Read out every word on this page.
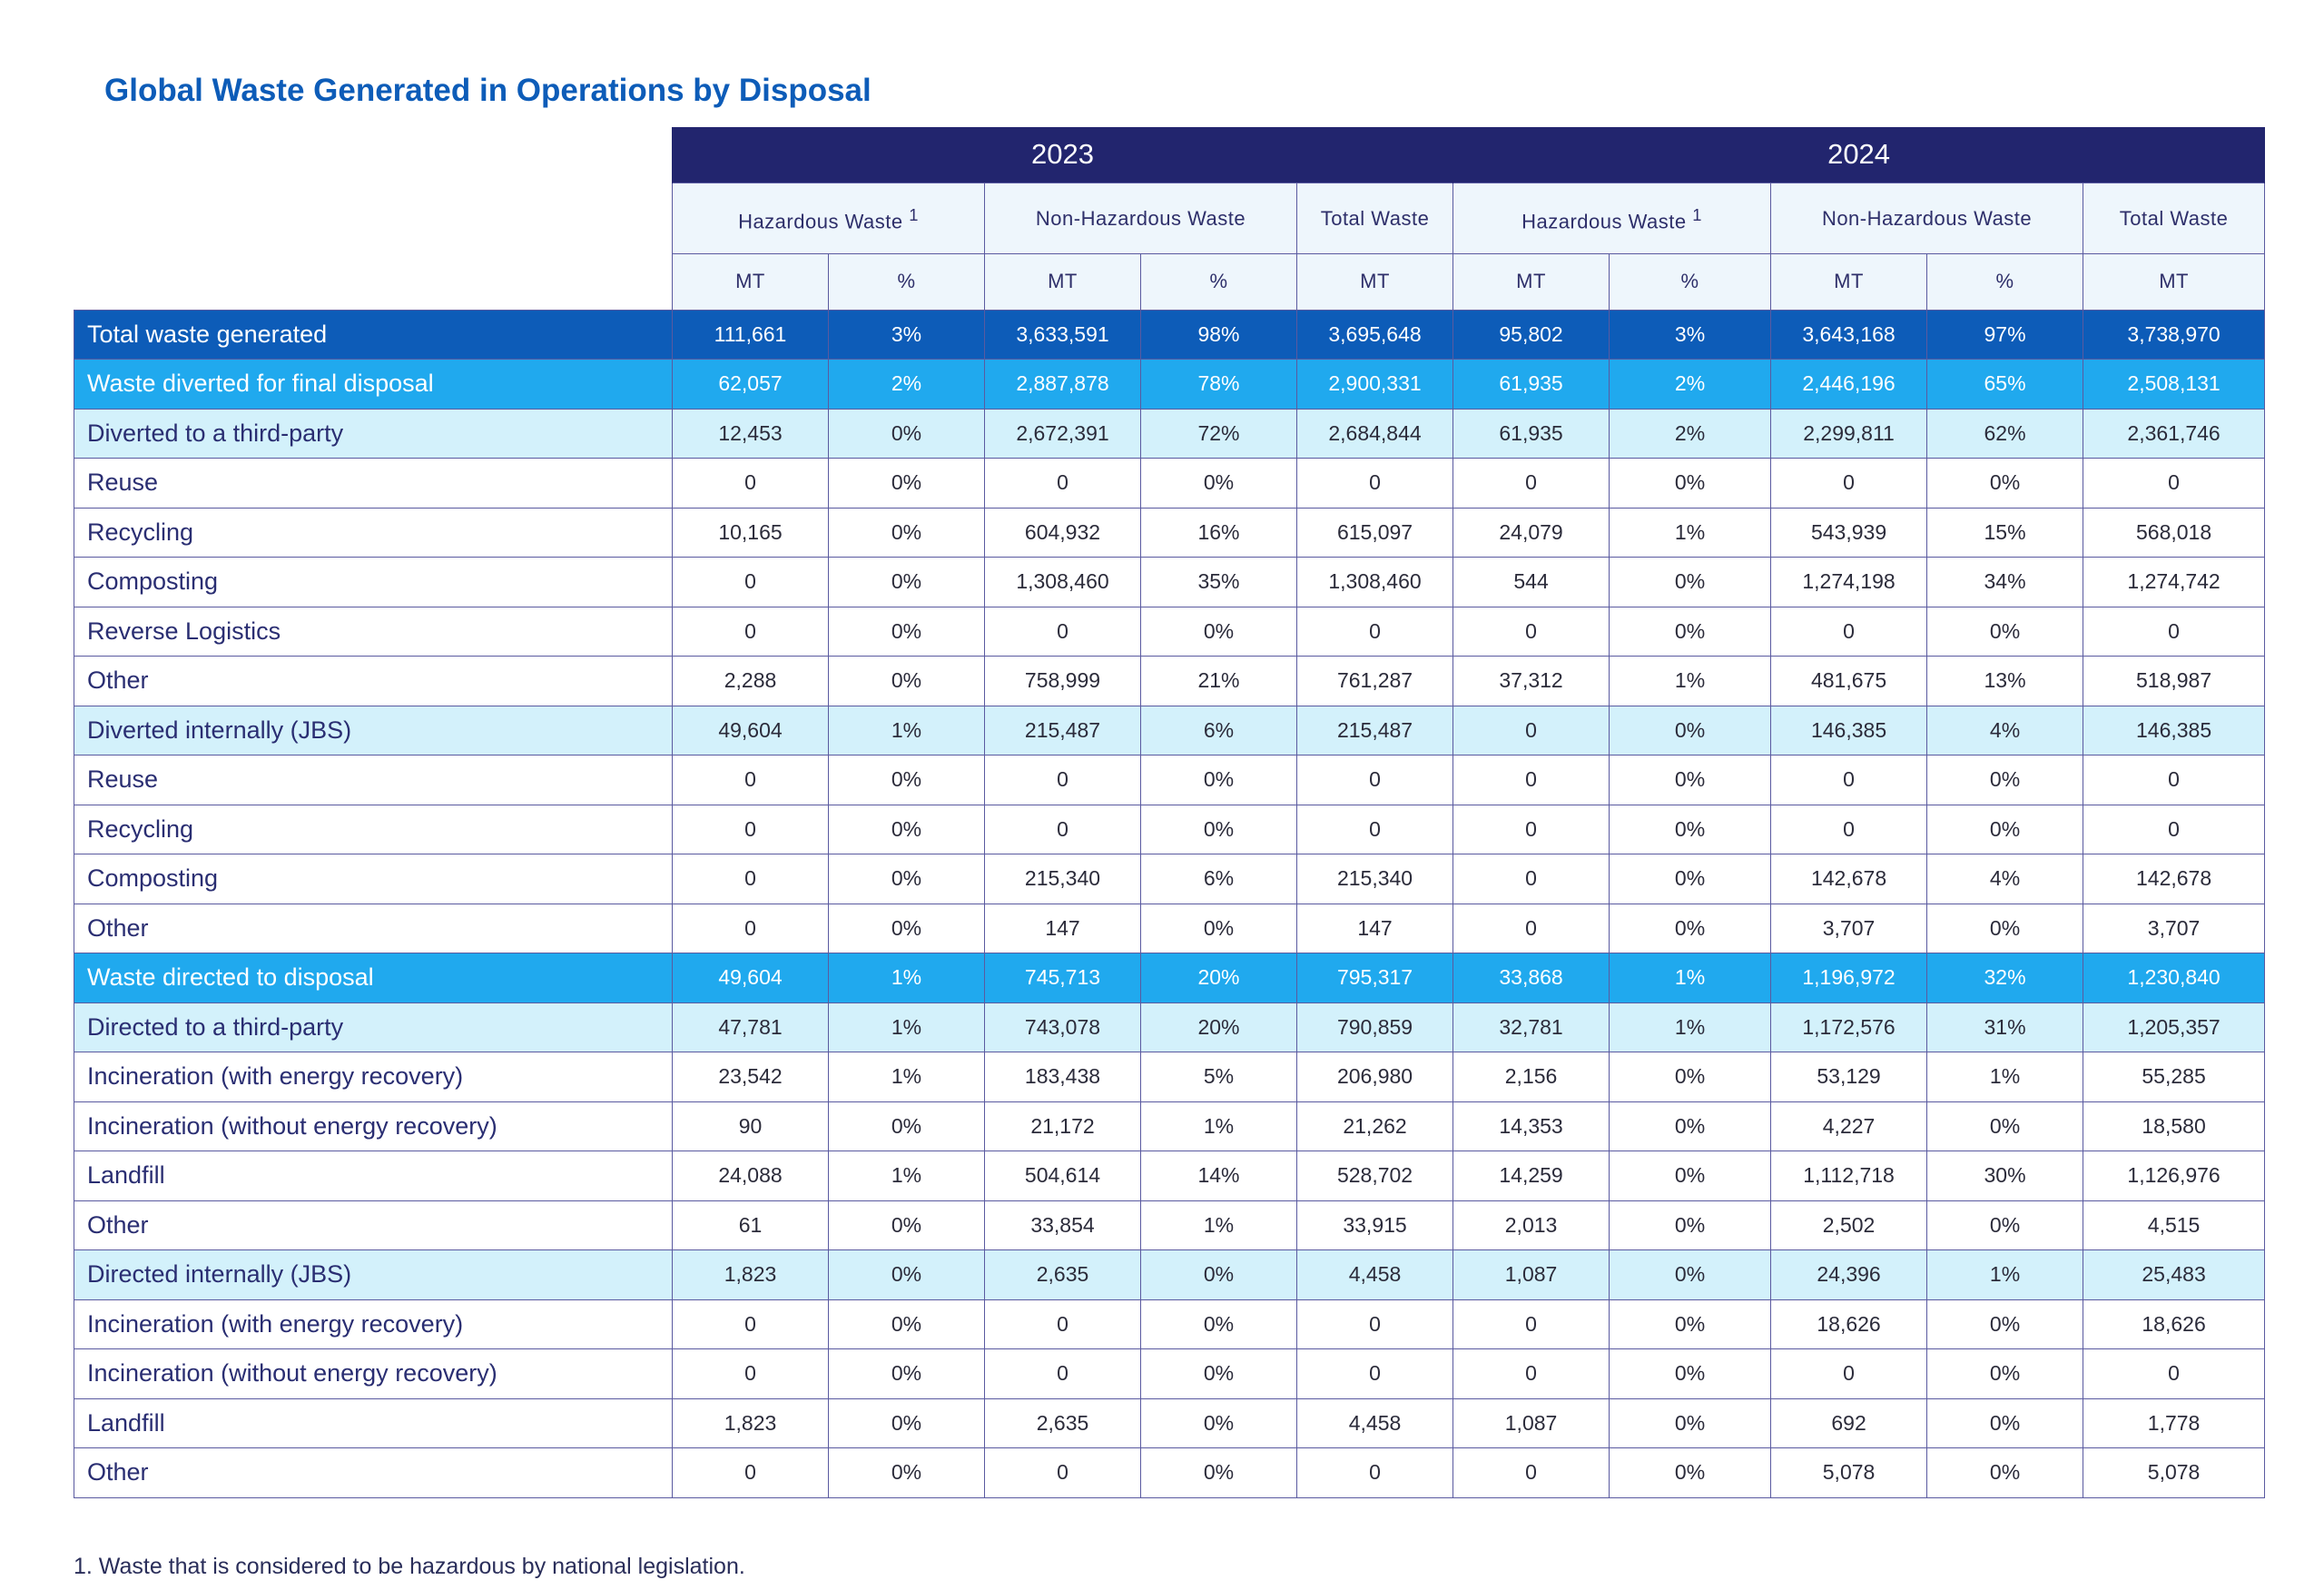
Global Waste Generated in Operations by Disposal
	2023					2024				
	Hazardous Waste $^1$		Non-Hazardous Waste		Total Waste	Hazardous Waste $^1$		Non-Hazardous Waste		Total Waste
	MT	%	MT	%	MT	MT	%	MT	%	MT
Total waste generated	111,661	3%	3,633,591	98%	3,695,648	95,802	3%	3,643,168	97%	3,738,970
Waste diverted for final disposal	62,057	2%	2,887,878	78%	2,900,331	61,935	2%	2,446,196	65%	2,508,131
Diverted to a third-party	12,453	0%	2,672,391	72%	2,684,844	61,935	2%	2,299,811	62%	2,361,746
Reuse	0	0%	0	0%	0	0	0%	0	0%	0
Recycling	10,165	0%	604,932	16%	615,097	24,079	1%	543,939	15%	568,018
Composting	0	0%	1,308,460	35%	1,308,460	544	0%	1,274,198	34%	1,274,742
Reverse Logistics	0	0%	0	0%	0	0	0%	0	0%	0
Other	2,288	0%	758,999	21%	761,287	37,312	1%	481,675	13%	518,987
Diverted internally (JBS)	49,604	1%	215,487	6%	215,487	0	0%	146,385	4%	146,385
Reuse	0	0%	0	0%	0	0	0%	0	0%	0
Recycling	0	0%	0	0%	0	0	0%	0	0%	0
Composting	0	0%	215,340	6%	215,340	0	0%	142,678	4%	142,678
Other	0	0%	147	0%	147	0	0%	3,707	0%	3,707
Waste directed to disposal	49,604	1%	745,713	20%	795,317	33,868	1%	1,196,972	32%	1,230,840
Directed to a third-party	47,781	1%	743,078	20%	790,859	32,781	1%	1,172,576	31%	1,205,357
Incineration (with energy recovery)	23,542	1%	183,438	5%	206,980	2,156	0%	53,129	1%	55,285
Incineration (without energy recovery)	90	0%	21,172	1%	21,262	14,353	0%	4,227	0%	18,580
Landfill	24,088	1%	504,614	14%	528,702	14,259	0%	1,112,718	30%	1,126,976
Other	61	0%	33,854	1%	33,915	2,013	0%	2,502	0%	4,515
Directed internally (JBS)	1,823	0%	2,635	0%	4,458	1,087	0%	24,396	1%	25,483
Incineration (with energy recovery)	0	0%	0	0%	0	0	0%	18,626	0%	18,626
Incineration (without energy recovery)	0	0%	0	0%	0	0	0%	0	0%	0
Landfill	1,823	0%	2,635	0%	4,458	1,087	0%	692	0%	1,778
Other	0	0%	0	0%	0	0	0%	5,078	0%	5,078
1. Waste that is considered to be hazardous by national legislation.
